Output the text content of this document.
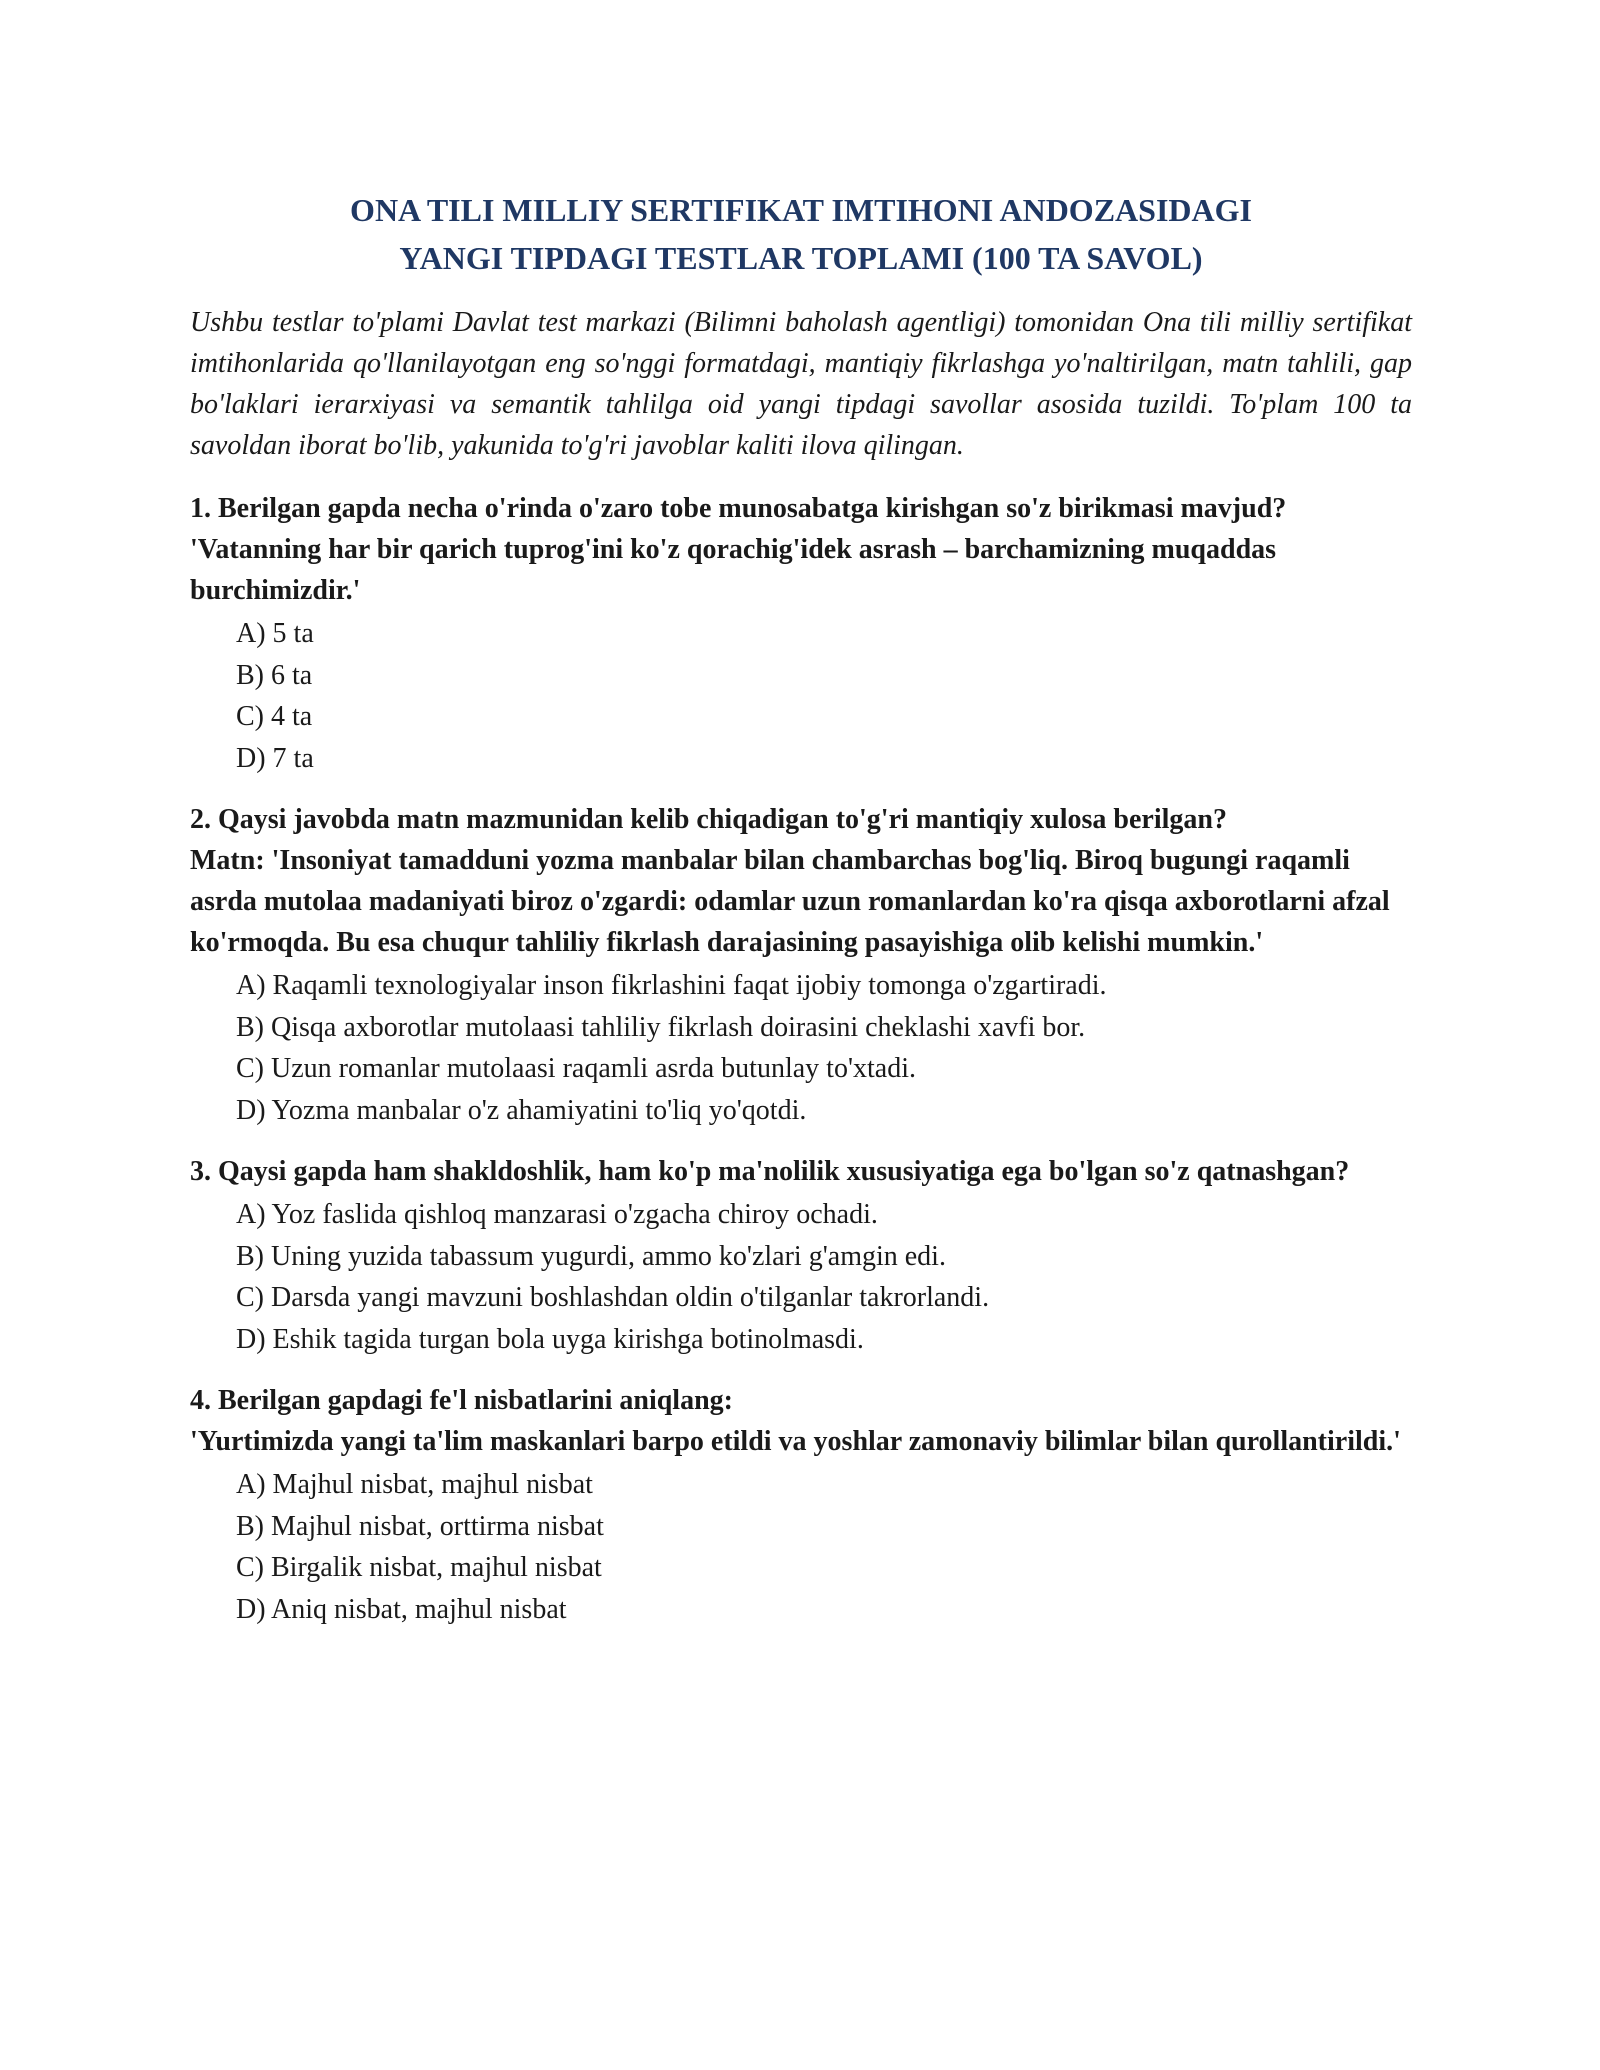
ONA TILI MILLIY SERTIFIKAT IMTIHONI ANDOZASIDAGI
YANGI TIPDAGI TESTLAR TOPLAMI (100 TA SAVOL)

Ushbu testlar to'plami Davlat test markazi (Bilimni baholash agentligi) tomonidan Ona tili milliy sertifikat imtihonlarida qo'llanilayotgan eng so'nggi formatdagi, mantiqiy fikrlashga yo'naltirilgan, matn tahlili, gap bo'laklari ierarxiyasi va semantik tahlilga oid yangi tipdagi savollar asosida tuzildi. To'plam 100 ta savoldan iborat bo'lib, yakunida to'g'ri javoblar kaliti ilova qilingan.

1. Berilgan gapda necha o'rinda o'zaro tobe munosabatga kirishgan so'z birikmasi mavjud?
'Vatanning har bir qarich tuprog'ini ko'z qorachig'idek asrash – barchamizning muqaddas burchimizdir.'
A) 5 ta
B) 6 ta
C) 4 ta
D) 7 ta
2. Qaysi javobda matn mazmunidan kelib chiqadigan to'g'ri mantiqiy xulosa berilgan?
Matn: 'Insoniyat tamadduni yozma manbalar bilan chambarchas bog'liq. Biroq bugungi raqamli asrda mutolaa madaniyati biroz o'zgardi: odamlar uzun romanlardan ko'ra qisqa axborotlarni afzal ko'rmoqda. Bu esa chuqur tahliliy fikrlash darajasining pasayishiga olib kelishi mumkin.'
A) Raqamli texnologiyalar inson fikrlashini faqat ijobiy tomonga o'zgartiradi.
B) Qisqa axborotlar mutolaasi tahliliy fikrlash doirasini cheklashi xavfi bor.
C) Uzun romanlar mutolaasi raqamli asrda butunlay to'xtadi.
D) Yozma manbalar o'z ahamiyatini to'liq yo'qotdi.
3. Qaysi gapda ham shakldoshlik, ham ko'p ma'nolilik xususiyatiga ega bo'lgan so'z qatnashgan?
A) Yoz faslida qishloq manzarasi o'zgacha chiroy ochadi.
B) Uning yuzida tabassum yugurdi, ammo ko'zlari g'amgin edi.
C) Darsda yangi mavzuni boshlashdan oldin o'tilganlar takrorlandi.
D) Eshik tagida turgan bola uyga kirishga botinolmasdi.
4. Berilgan gapdagi fe'l nisbatlarini aniqlang:
'Yurtimizda yangi ta'lim maskanlari barpo etildi va yoshlar zamonaviy bilimlar bilan qurollantirildi.'
A) Majhul nisbat, majhul nisbat
B) Majhul nisbat, orttirma nisbat
C) Birgalik nisbat, majhul nisbat
D) Aniq nisbat, majhul nisbat
